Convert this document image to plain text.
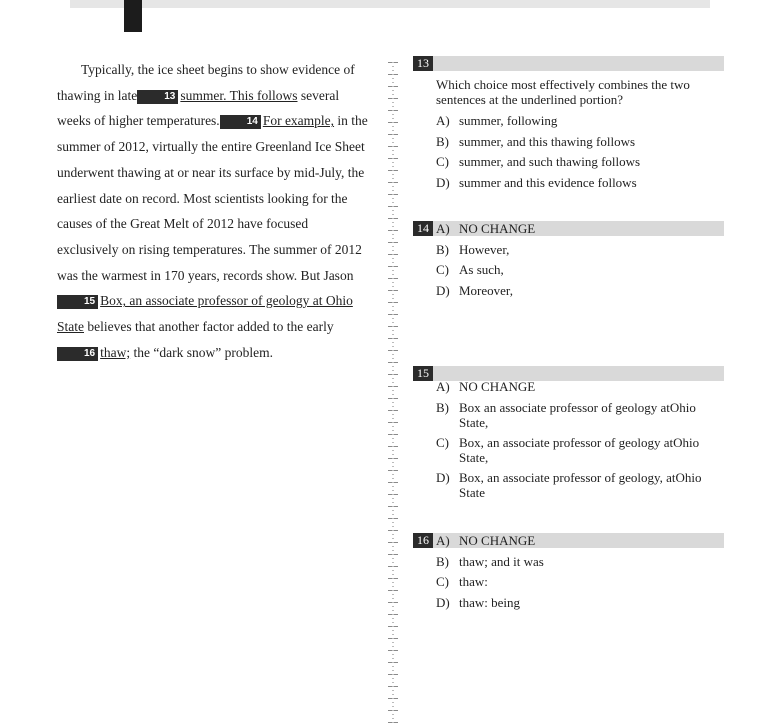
Typically, the ice sheet begins to show evidence of thawing in late	13 summer. This follows several weeks of higher temperatures.	14 For example, in the summer of 2012, virtually the entire Greenland Ice Sheet underwent thawing at or near its surface by mid-July, the earliest date on record. Most scientists looking for the causes of the Great Melt of 2012 have focused exclusively on rising temperatures. The summer of 2012 was the warmest in 170 years, records show. But Jason15 Box, an associate professor of geology at Ohio State believes that another factor added to the early16 thaw; the “dark snow” problem.

13
Which choice most effectively combines the two sentences at the underlined portion?
A) summer, following
B) summer, and this thawing follows
C) summer, and such thawing follows
D) summer and this evidence follows
14 A) NO CHANGE
B) However,
C) As such,
D) Moreover,
15
A) NO CHANGE
B) Box an associate professor of geology atOhio State,
C) Box, an associate professor of geology atOhio State,
D) Box, an associate professor of geology, atOhio State
16 A) NO CHANGE
B) thaw; and it was
C) thaw:
D) thaw: being
